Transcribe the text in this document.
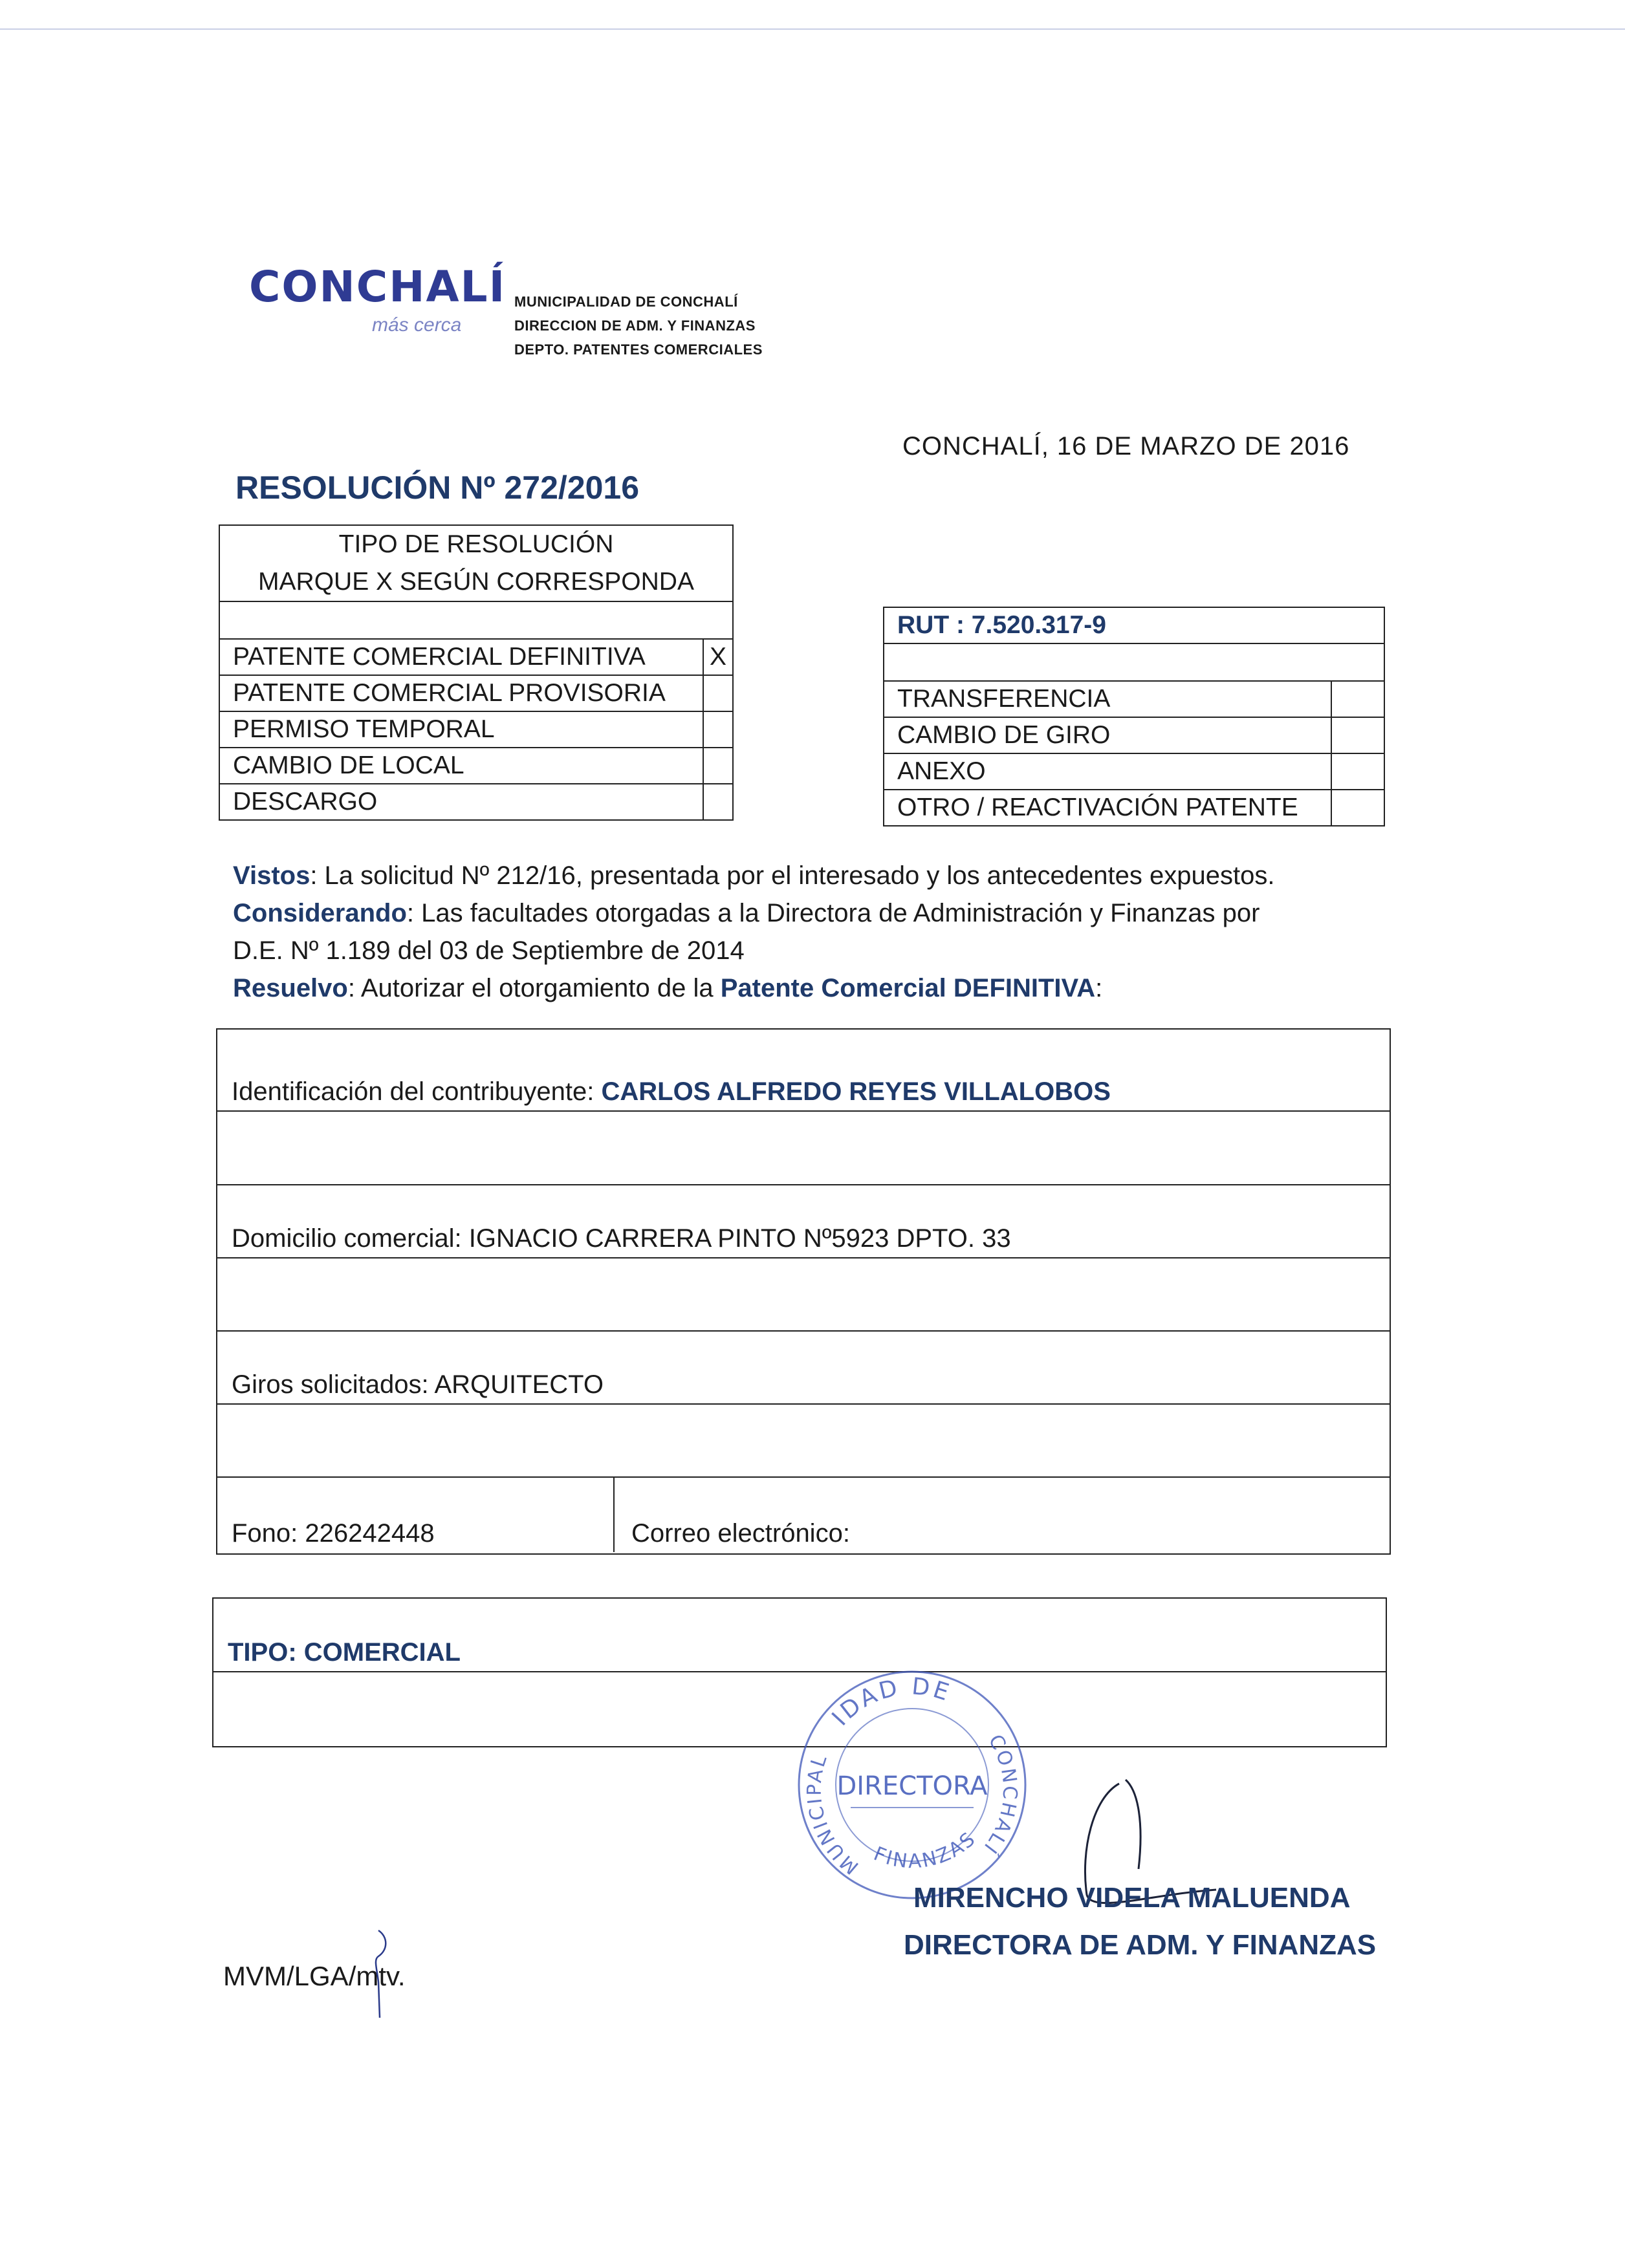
CONCHALÍ
más cerca
MUNICIPALIDAD DE CONCHALÍ
DIRECCION DE ADM. Y FINANZAS
DEPTO. PATENTES COMERCIALES
CONCHALÍ, 16 DE MARZO DE 2016
RESOLUCIÓN Nº 272/2016
TIPO DE RESOLUCIÓN
MARQUE X SEGÚN CORRESPONDA	

PATENTE COMERCIAL DEFINITIVA	X
PATENTE COMERCIAL PROVISORIA	
PERMISO TEMPORAL	
CAMBIO DE LOCAL	
DESCARGO	
RUT : 7.520.317-9	

TRANSFERENCIA	
CAMBIO DE GIRO	
ANEXO	
OTRO / REACTIVACIÓN PATENTE	
Vistos: La solicitud Nº 212/16, presentada por el interesado y los antecedentes expuestos.
Considerando: Las facultades otorgadas a la Directora de Administración y Finanzas por
D.E. Nº 1.189 del 03 de Septiembre de 2014
Resuelvo: Autorizar el otorgamiento de la Patente Comercial DEFINITIVA:
Identificación del contribuyente: CARLOS ALFREDO REYES VILLALOBOS
Domicilio comercial: IGNACIO CARRERA PINTO Nº5923 DPTO. 33
Giros solicitados: ARQUITECTO
Fono: 226242448	Correo electrónico:
TIPO: COMERCIAL
IDAD DE
MUNICIPAL
CONCHALÍ
FINANZAS
DIRECTORA
MIRENCHO VIDELA MALUENDA
DIRECTORA DE ADM. Y FINANZAS
MVM/LGA/mtv.
